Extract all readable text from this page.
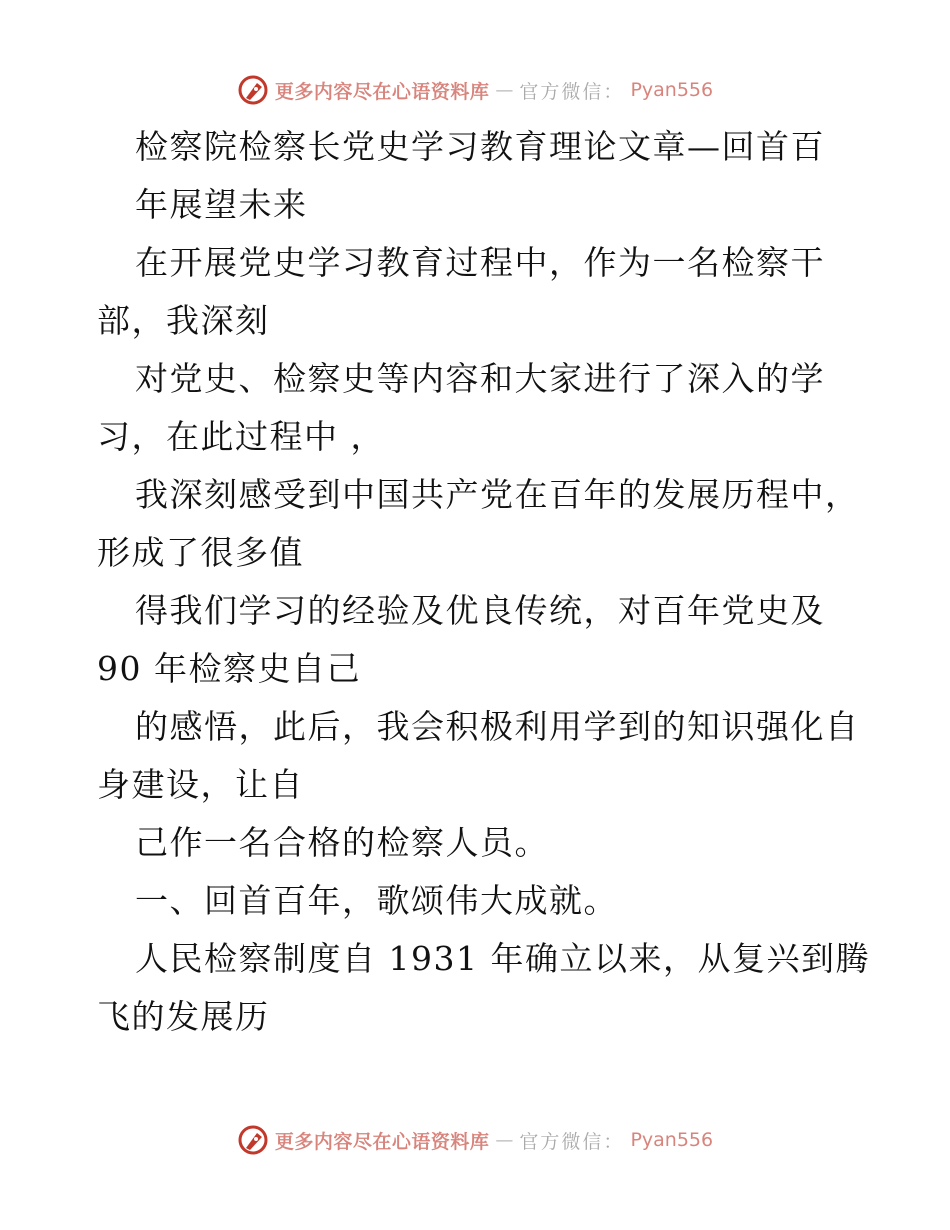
更多内容尽在心语资料库 — 官方微信： Pyan556
检察院检察长党史学习教育理论文章—回首百
年展望未来
在开展党史学习教育过程中，作为一名检察干
部，我深刻
对党史、检察史等内容和大家进行了深入的学
习，在此过程中 ，
我深刻感受到中国共产党在百年的发展历程中，
形成了很多值
得我们学习的经验及优良传统，对百年党史及
90 年检察史自己
的感悟，此后，我会积极利用学到的知识强化自
身建设，让自
己作一名合格的检察人员。
一、回首百年，歌颂伟大成就。
人民检察制度自 1931 年确立以来，从复兴到腾
飞的发展历
更多内容尽在心语资料库 — 官方微信： Pyan556
